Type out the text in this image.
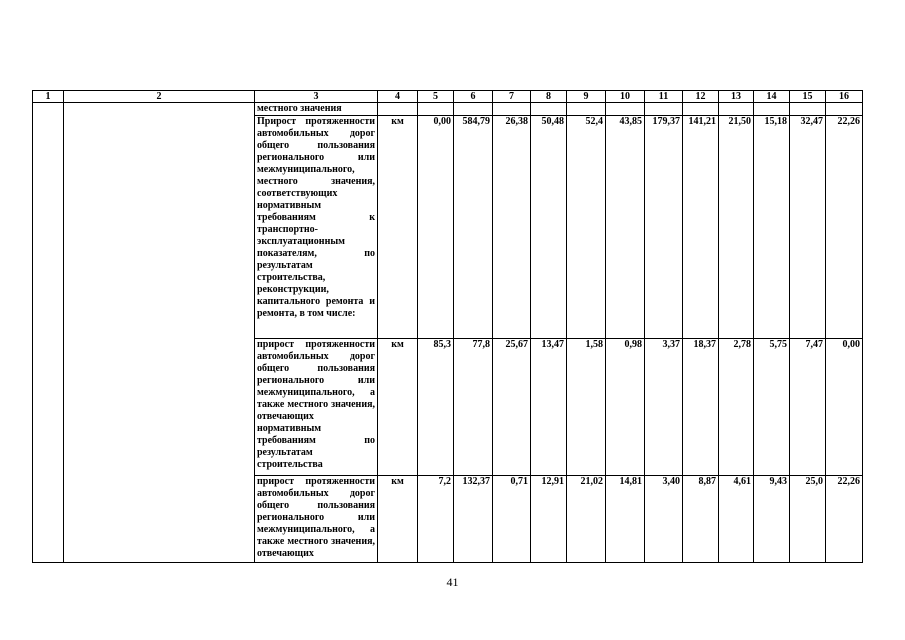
1	2	3	4	5	6	7	8	9	10	11	12	13	14	15	16
		местного значения													
		Прирост протяженности автомобильных дорог общего пользования регионального или межмуниципального, местного значения, соответствующих нормативным требованиям к транспортно-эксплуатационным показателям, по результатам строительства, реконструкции, капитального ремонта и ремонта, в том числе:	км	0,00	584,79	26,38	50,48	52,4	43,85	179,37	141,21	21,50	15,18	32,47	22,26
		прирост протяженности автомобильных дорог общего пользования регионального или межмуниципального, а также местного значения, отвечающих нормативным требованиям по результатам строительства	км	85,3	77,8	25,67	13,47	1,58	0,98	3,37	18,37	2,78	5,75	7,47	0,00
		прирост протяженности автомобильных дорог общего пользования регионального или межмуниципального, а также местного значения, отвечающих	км	7,2	132,37	0,71	12,91	21,02	14,81	3,40	8,87	4,61	9,43	25,0	22,26
41
